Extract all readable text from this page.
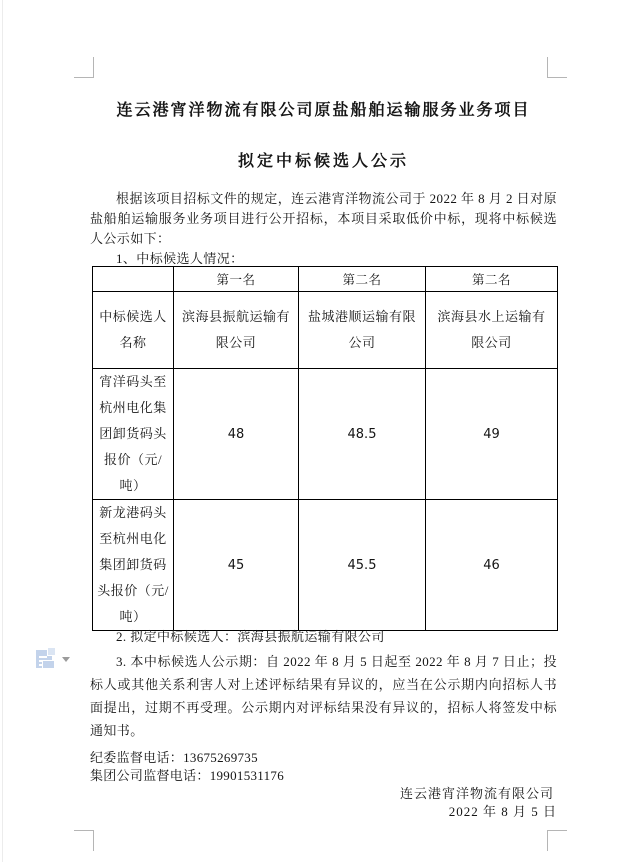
连云港宵洋物流有限公司原盐船舶运输服务业务项目
拟定中标候选人公示

根据该项目招标文件的规定，连云港宵洋物流公司于 2022 年 8 月 2 日对原盐船舶运输服务业务项目进行公开招标，本项目采取低价中标，现将中标候选人公示如下：

1、中标候选人情况：

	第一名	第二名	第二名
中标候选人名称	滨海县振航运输有限公司	盐城港顺运输有限公司	滨海县水上运输有限公司
宵洋码头至杭州电化集团卸货码头报价（元/吨）	48	48.5	49
新龙港码头至杭州电化集团卸货码头报价（元/吨）	45	45.5	46

2. 拟定中标候选人：滨海县振航运输有限公司

3. 本中标候选人公示期：自 2022 年 8 月 5 日起至 2022 年 8 月 7 日止；投标人或其他关系利害人对上述评标结果有异议的，应当在公示期内向招标人书面提出，过期不再受理。公示期内对评标结果没有异议的，招标人将签发中标通知书。

纪委监督电话：13675269735

集团公司监督电话：19901531176

连云港宵洋物流有限公司

2022 年 8 月 5 日
